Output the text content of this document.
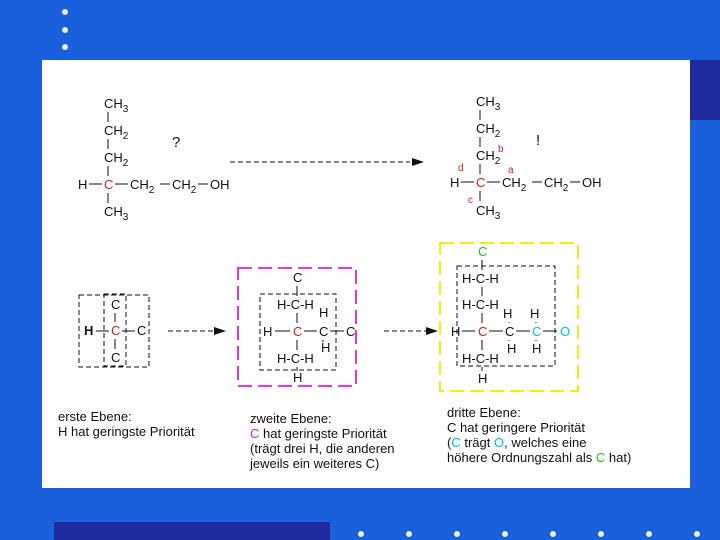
$CH_3$
$CH_2$
$CH_2$
H C $CH_2$ $CH_2$ OH
$CH_3$
?
$CH_3$
$CH_2$
$CH_2$
H C $CH_2$ $CH_2$ OH
$CH_3$
!
a
b
c
d
C
H C C
C
C
H-C-H
H
H C C C
H
H-C-H
H
C
H-C-H
H-C-H
H H
H C C C O
H H
H-C-H
H
erste Ebene:
H hat geringste Priorität
zweite Ebene:
C hat geringste Priorität
(trägt drei H, die anderen
jeweils ein weiteres C)
dritte Ebene:
C hat geringere Priorität
(C trägt O, welches eine
höhere Ordnungszahl als C hat)
